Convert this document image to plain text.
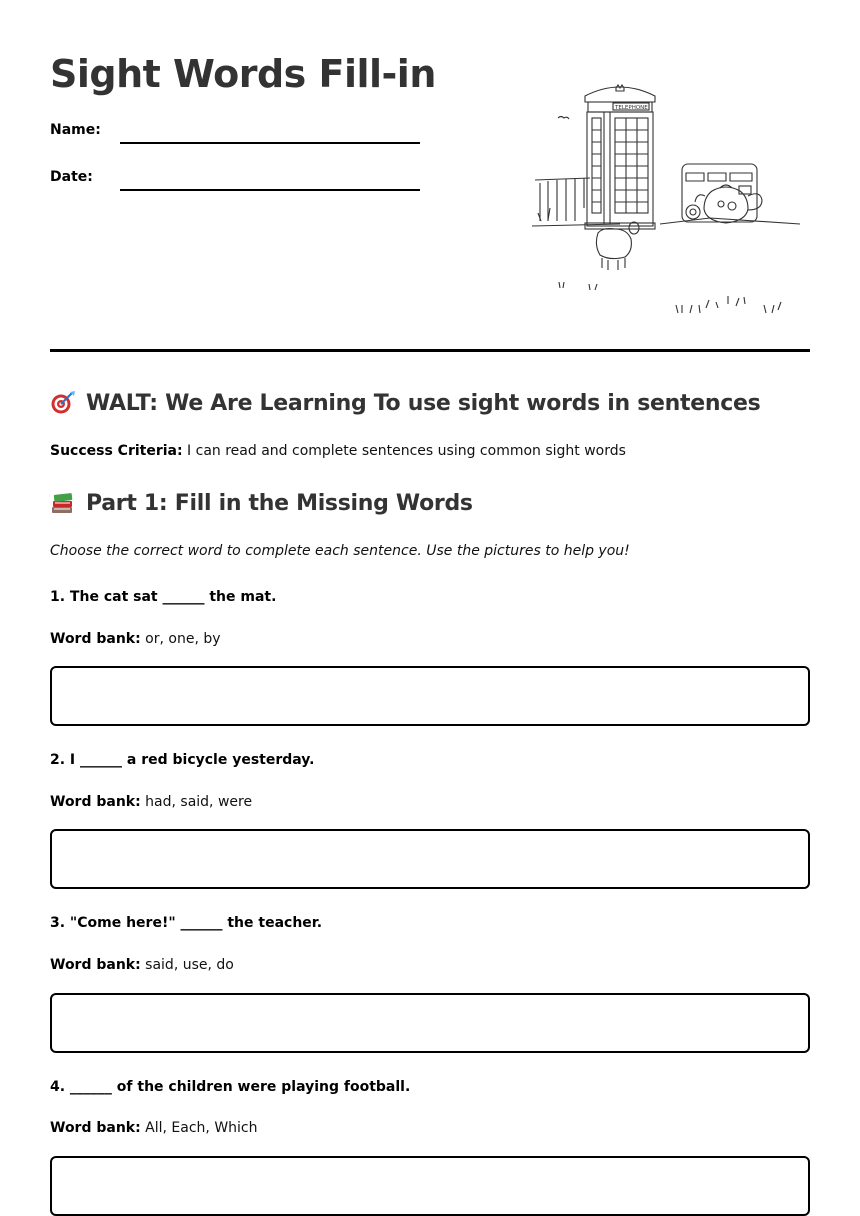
Sight Words Fill-in
Name:
Date:
TELEPHONE
WALT: We Are Learning To use sight words in sentences
Success Criteria: I can read and complete sentences using common sight words
Part 1: Fill in the Missing Words
Choose the correct word to complete each sentence. Use the pictures to help you!
1. The cat sat ______ the mat.
Word bank: or, one, by
2. I ______ a red bicycle yesterday.
Word bank: had, said, were
3. "Come here!" ______ the teacher.
Word bank: said, use, do
4. ______ of the children were playing football.
Word bank: All, Each, Which
